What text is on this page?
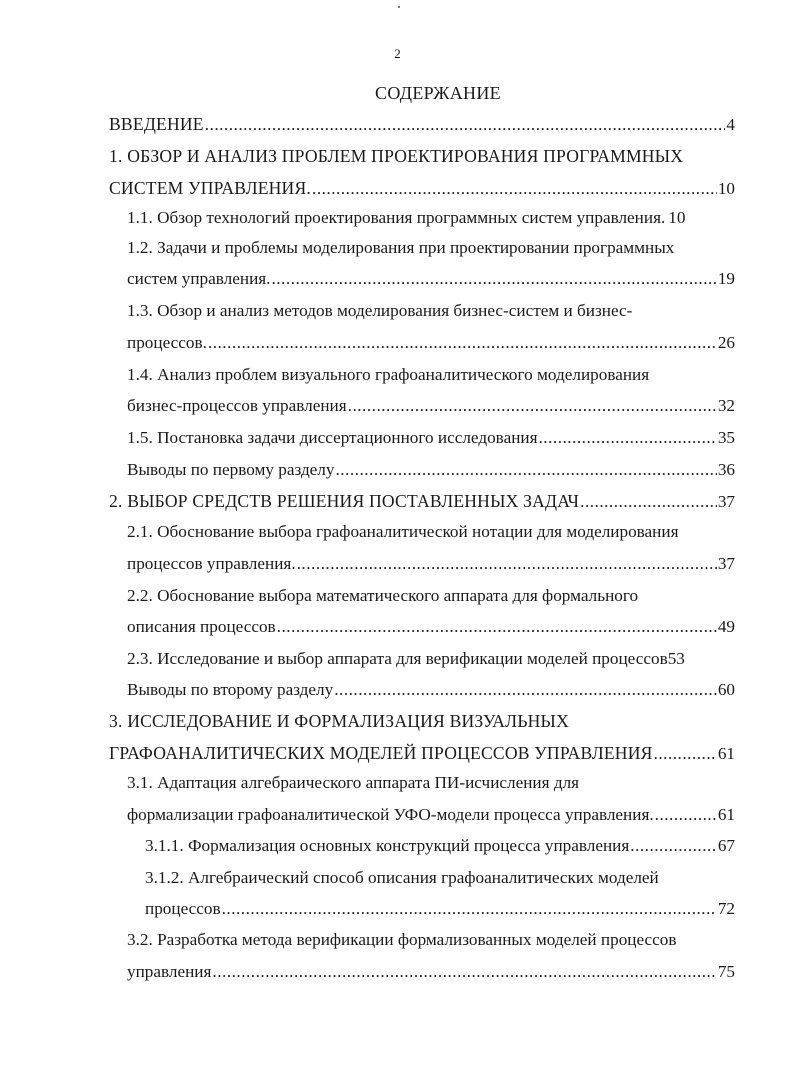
2
СОДЕРЖАНИЕ
ВВЕДЕНИЕ .....	4
1. ОБЗОР И АНАЛИЗ ПРОБЛЕМ ПРОЕКТИРОВАНИЯ ПРОГРАММНЫХ
СИСТЕМ УПРАВЛЕНИЯ. .....	10
1.1. Обзор технологий проектирования программных систем управления. 10
1.2. Задачи и проблемы моделирования при проектировании программных
систем управления. .....	19
1.3. Обзор и анализ методов моделирования бизнес-систем и бизнес-
процессов. .....	26
1.4. Анализ проблем визуального графоаналитического моделирования
бизнес-процессов управления .....	32
1.5. Постановка задачи диссертационного исследования .....	35
Выводы по первому разделу .....	36
2. ВЫБОР СРЕДСТВ РЕШЕНИЯ ПОСТАВЛЕННЫХ ЗАДАЧ .....	37
2.1. Обоснование выбора графоаналитической нотации для моделирования
процессов управления. .....	37
2.2. Обоснование выбора математического аппарата для формального
описания процессов .....	49
2.3. Исследование и выбор аппарата для верификации моделей процессов 53
Выводы по второму разделу .....	60
3. ИССЛЕДОВАНИЕ И ФОРМАЛИЗАЦИЯ ВИЗУАЛЬНЫХ
ГРАФОАНАЛИТИЧЕСКИХ МОДЕЛЕЙ ПРОЦЕССОВ УПРАВЛЕНИЯ .....	61
3.1. Адаптация алгебраического аппарата ПИ-исчисления для
формализации графоаналитической УФО-модели процесса управления. .....	61
3.1.1. Формализация основных конструкций процесса управления .....	67
3.1.2. Алгебраический способ описания графоаналитических моделей
процессов .....	72
3.2. Разработка метода верификации формализованных моделей процессов
управления .....	75
